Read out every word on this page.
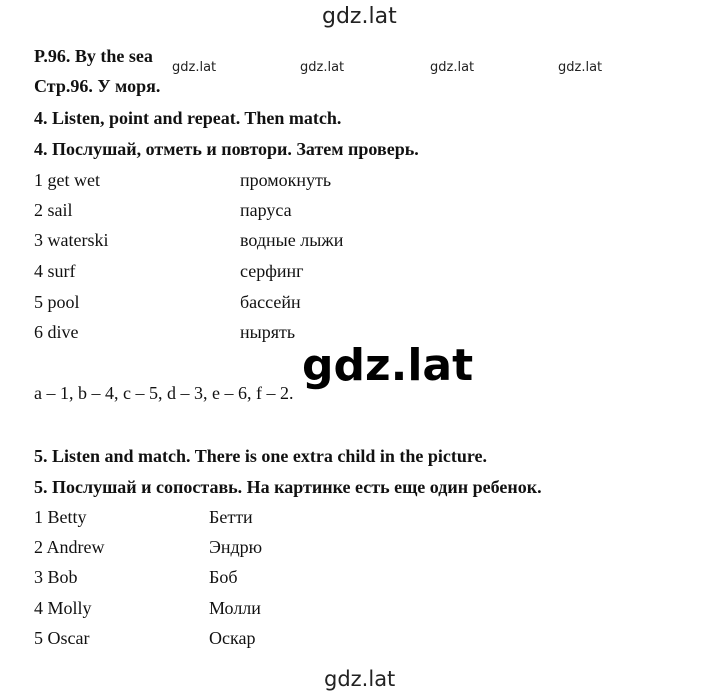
gdz.lat
gdz.lat	gdz.lat	gdz.lat	gdz.lat
P.96. By the sea
Стр.96. У моря.
4. Listen, point and repeat. Then match.
4. Послушай, отметь и повтори. Затем проверь.
1 get wet	промокнуть
2 sail	паруса
3 waterski	водные лыжи
4 surf	серфинг
5 pool	бассейн
6 dive	нырять
a – 1, b – 4, c – 5, d – 3, e – 6, f – 2.
gdz.lat
5. Listen and match. There is one extra child in the picture.
5. Послушай и сопоставь. На картинке есть еще один ребенок.
1 Betty	Бетти
2 Andrew	Эндрю
3 Bob	Боб
4 Molly	Молли
5 Oscar	Оскар
gdz.lat
